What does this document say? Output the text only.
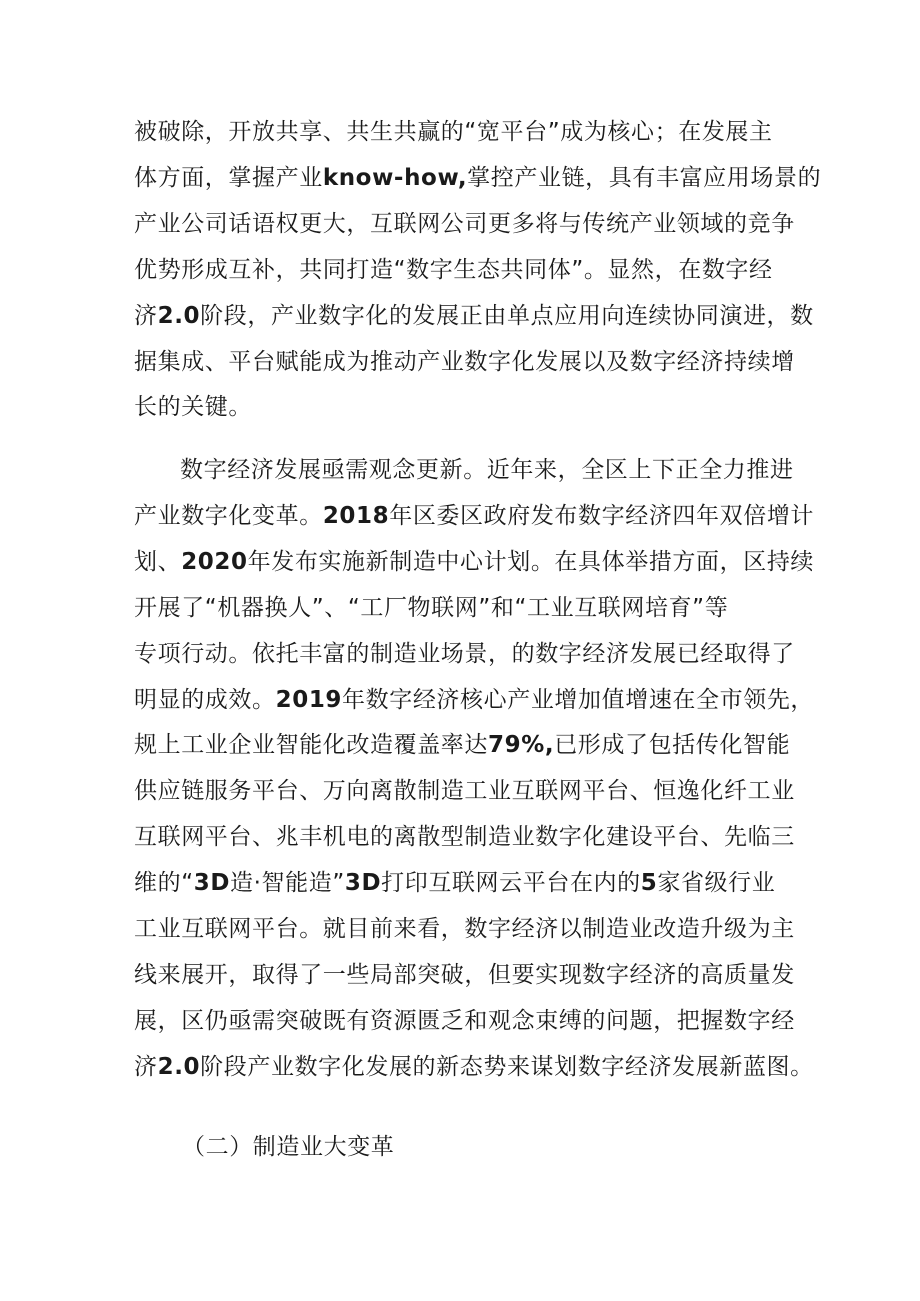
被破除，开放共享、共生共赢的“宽平台”成为核心；在发展主
体方面，掌握产业know-how,掌控产业链，具有丰富应用场景的
产业公司话语权更大，互联网公司更多将与传统产业领域的竞争
优势形成互补，共同打造“数字生态共同体”。显然，在数字经
济2.0阶段，产业数字化的发展正由单点应用向连续协同演进，数
据集成、平台赋能成为推动产业数字化发展以及数字经济持续增
长的关键。
数字经济发展亟需观念更新。近年来，全区上下正全力推进
产业数字化变革。2018年区委区政府发布数字经济四年双倍增计
划、2020年发布实施新制造中心计划。在具体举措方面，区持续
开展了“机器换人”、“工厂物联网”和“工业互联网培育”等
专项行动。依托丰富的制造业场景，的数字经济发展已经取得了
明显的成效。2019年数字经济核心产业增加值增速在全市领先，
规上工业企业智能化改造覆盖率达79%,已形成了包括传化智能
供应链服务平台、万向离散制造工业互联网平台、恒逸化纤工业
互联网平台、兆丰机电的离散型制造业数字化建设平台、先临三
维的“3D造·智能造”3D打印互联网云平台在内的5家省级行业
工业互联网平台。就目前来看，数字经济以制造业改造升级为主
线来展开，取得了一些局部突破，但要实现数字经济的高质量发
展，区仍亟需突破既有资源匮乏和观念束缚的问题，把握数字经
济2.0阶段产业数字化发展的新态势来谋划数字经济发展新蓝图。
（二）制造业大变革
